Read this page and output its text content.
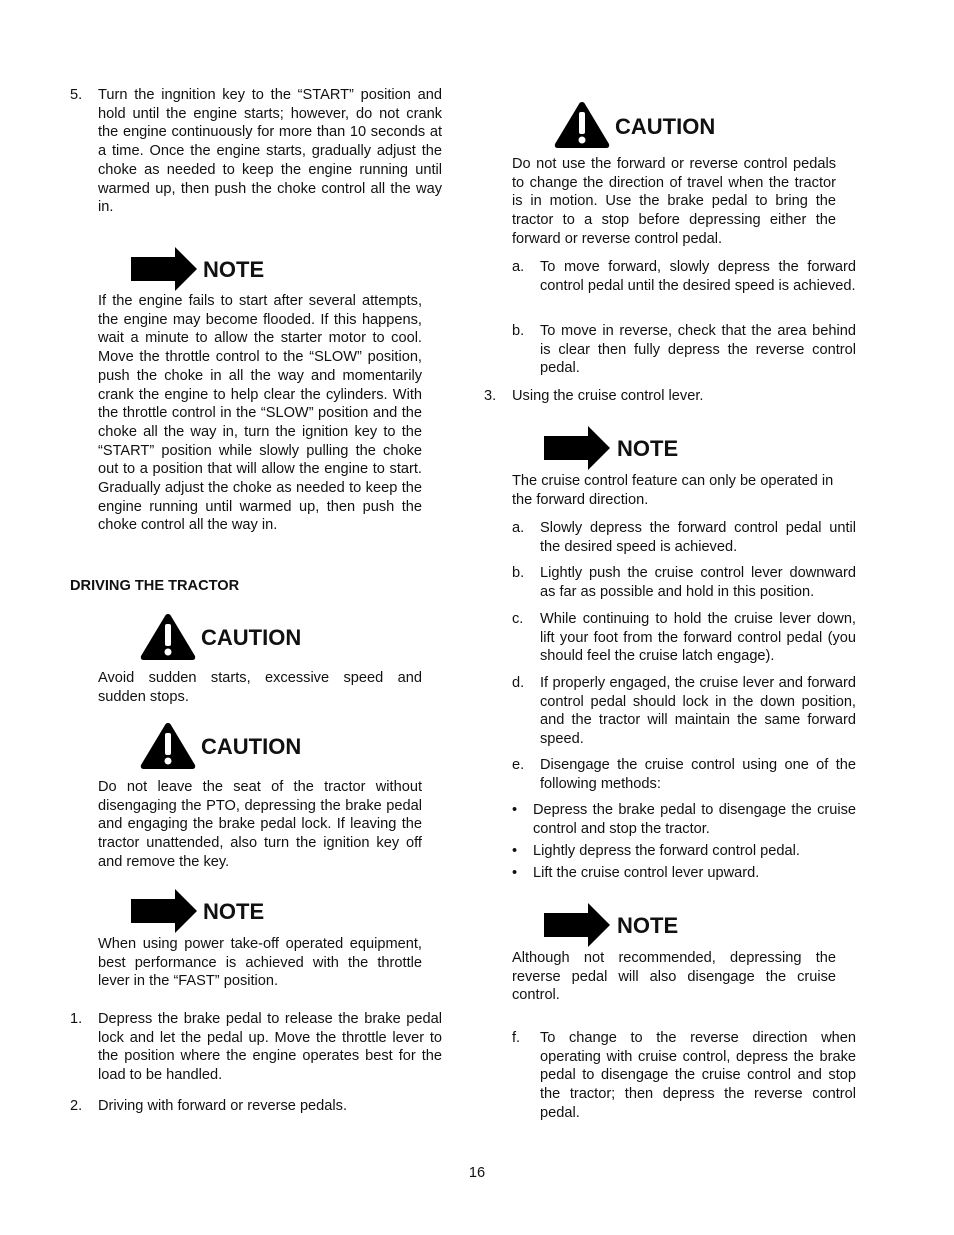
5. Turn the ingnition key to the “START” position and hold until the engine starts; however, do not crank the engine continuously for more than 10 seconds at a time. Once the engine starts, gradually adjust the choke as needed to keep the engine running until warmed up, then push the choke control all the way in.
NOTE
If the engine fails to start after several attempts, the engine may become flooded. If this happens, wait a minute to allow the starter motor to cool. Move the throttle control to the “SLOW” position, push the choke in all the way and momentarily crank the engine to help clear the cylinders. With the throttle control in the “SLOW” position and the choke all the way in, turn the ignition key to the “START” position while slowly pulling the choke out to a position that will allow the engine to start. Gradually adjust the choke as needed to keep the engine running until warmed up, then push the choke control all the way in.
DRIVING THE TRACTOR
CAUTION
Avoid sudden starts, excessive speed and sudden stops.
CAUTION
Do not leave the seat of the tractor without disengaging the PTO, depressing the brake pedal and engaging the brake pedal lock. If leaving the tractor unattended, also turn the ignition key off and remove the key.
NOTE
When using power take-off operated equipment, best performance is achieved with the throttle lever in the “FAST” position.
1. Depress the brake pedal to release the brake pedal lock and let the pedal up. Move the throttle lever to the position where the engine operates best for the load to be handled.
2. Driving with forward or reverse pedals.
CAUTION
Do not use the forward or reverse control pedals to change the direction of travel when the tractor is in motion. Use the brake pedal to bring the tractor to a stop before depressing either the forward or reverse control pedal.
a. To move forward, slowly depress the forward control pedal until the desired speed is achieved.
b. To move in reverse, check that the area behind is clear then fully depress the reverse control pedal.
3. Using the cruise control lever.
NOTE
The cruise control feature can only be operated in the forward direction.
a. Slowly depress the forward control pedal until the desired speed is achieved.
b. Lightly push the cruise control lever downward as far as possible and hold in this position.
c. While continuing to hold the cruise lever down, lift your foot from the forward control pedal (you should feel the cruise latch engage).
d. If properly engaged, the cruise lever and forward control pedal should lock in the down position, and the tractor will maintain the same forward speed.
e. Disengage the cruise control using one of the following methods:
• Depress the brake pedal to disengage the cruise control and stop the tractor.
• Lightly depress the forward control pedal.
• Lift the cruise control lever upward.
NOTE
Although not recommended, depressing the reverse pedal will also disengage the cruise control.
f. To change to the reverse direction when operating with cruise control, depress the brake pedal to disengage the cruise control and stop the tractor; then depress the reverse control pedal.
16
